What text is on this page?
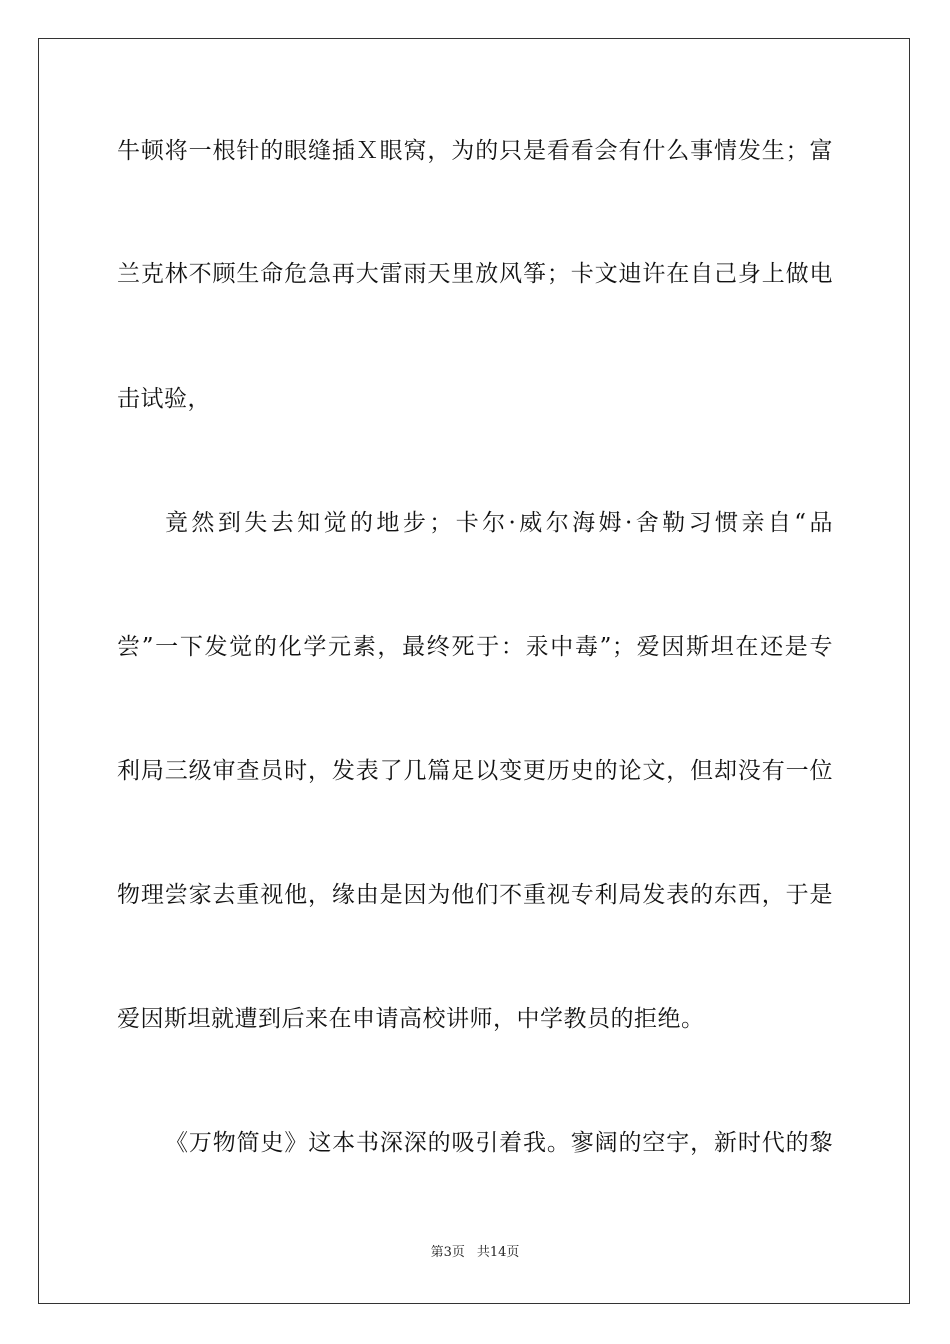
牛顿将一根针的眼缝插Ｘ眼窝，为的只是看看会有什么事情发生；富
兰克林不顾生命危急再大雷雨天里放风筝；卡文迪许在自己身上做电
击试验，
竟然到失去知觉的地步；卡尔·威尔海姆·舍勒习惯亲自“品
尝”一下发觉的化学元素，最终死于：汞中毒”；爱因斯坦在还是专
利局三级审查员时，发表了几篇足以变更历史的论文，但却没有一位
物理尝家去重视他，缘由是因为他们不重视专利局发表的东西，于是
爱因斯坦就遭到后来在申请高校讲师，中学教员的拒绝。
《万物简史》这本书深深的吸引着我。寥阔的空宇，新时代的黎
第3页 共14页
